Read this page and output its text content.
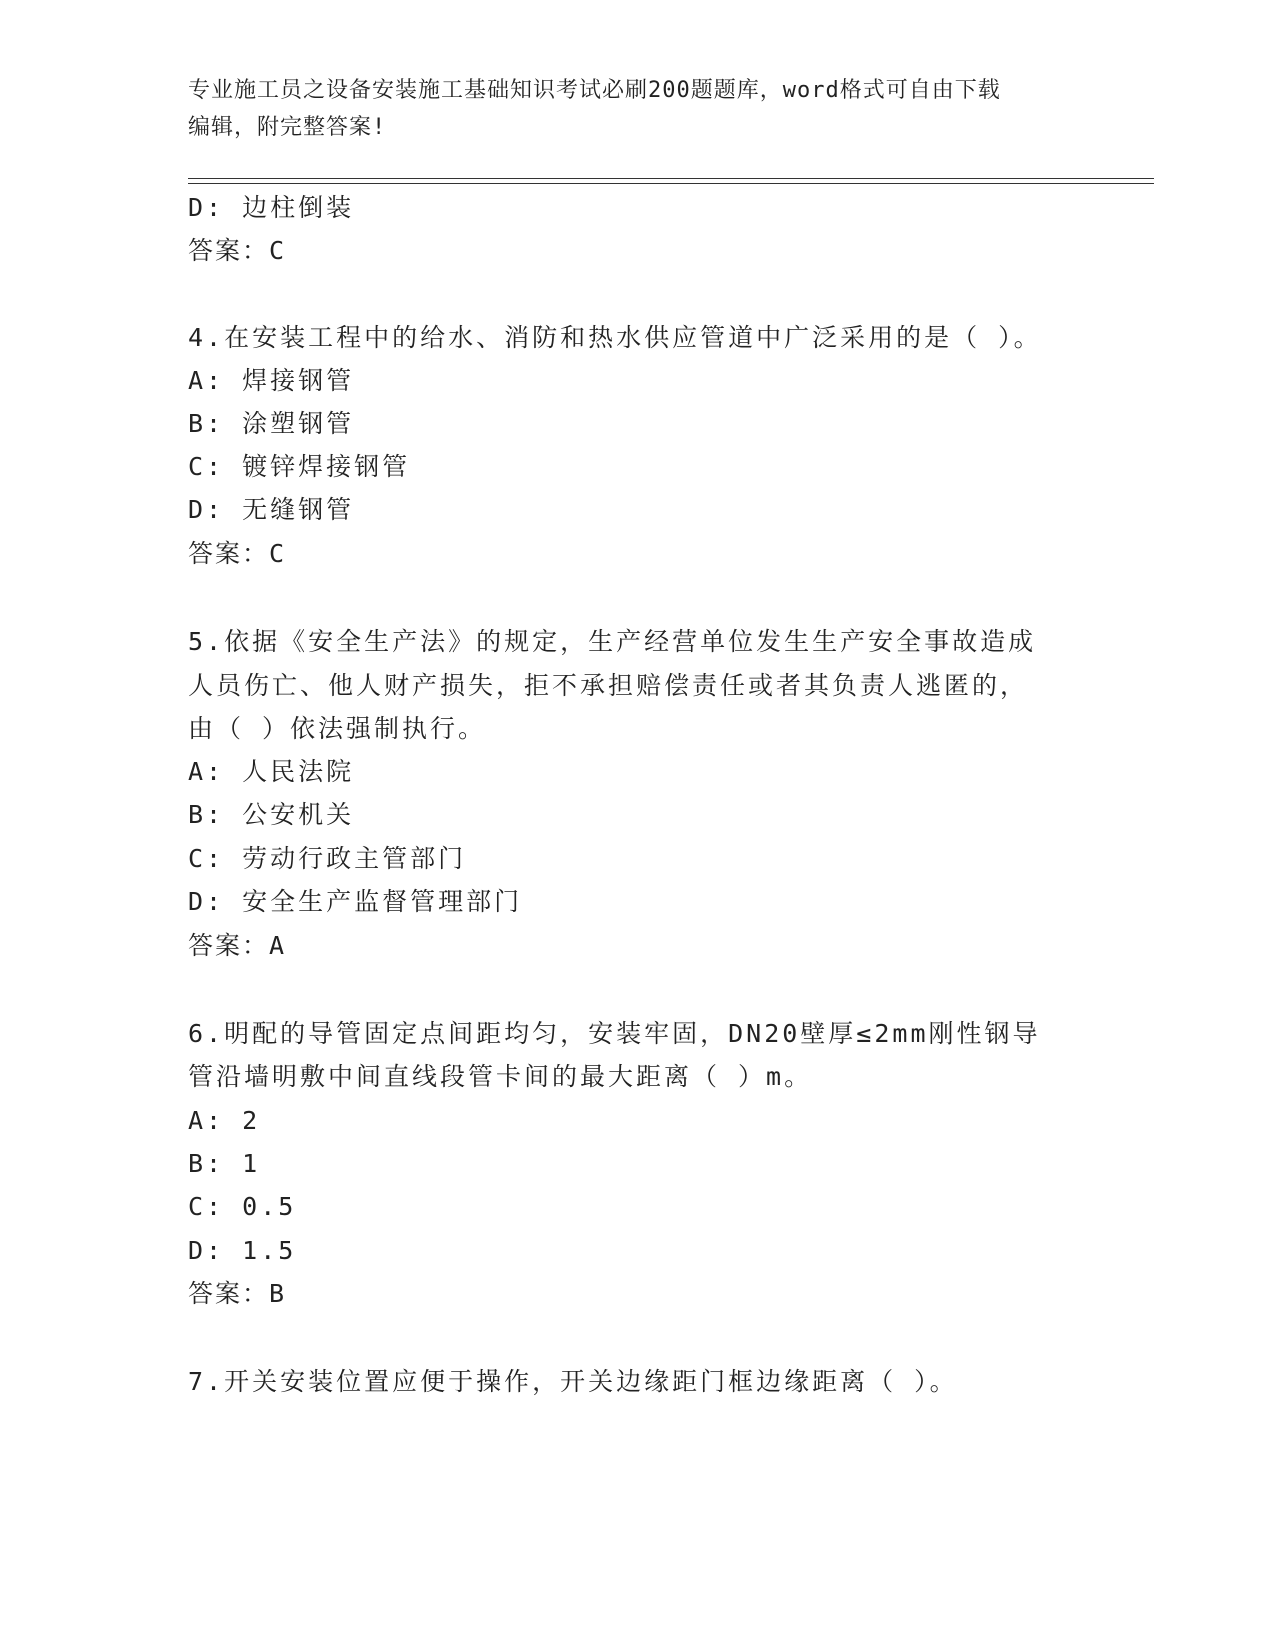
专业施工员之设备安装施工基础知识考试必刷200题题库，word格式可自由下载
编辑，附完整答案!
D: 边柱倒装
答案：C
4.在安装工程中的给水、消防和热水供应管道中广泛采用的是（ ）。
A: 焊接钢管
B: 涂塑钢管
C: 镀锌焊接钢管
D: 无缝钢管
答案：C
5.依据《安全生产法》的规定，生产经营单位发生生产安全事故造成
人员伤亡、他人财产损失，拒不承担赔偿责任或者其负责人逃匿的，
由（ ）依法强制执行。
A: 人民法院
B: 公安机关
C: 劳动行政主管部门
D: 安全生产监督管理部门
答案：A
6.明配的导管固定点间距均匀，安装牢固，DN20壁厚≤2mm刚性钢导
管沿墙明敷中间直线段管卡间的最大距离（ ）m。
A: 2
B: 1
C: 0.5
D: 1.5
答案：B
7.开关安装位置应便于操作，开关边缘距门框边缘距离（ ）。
